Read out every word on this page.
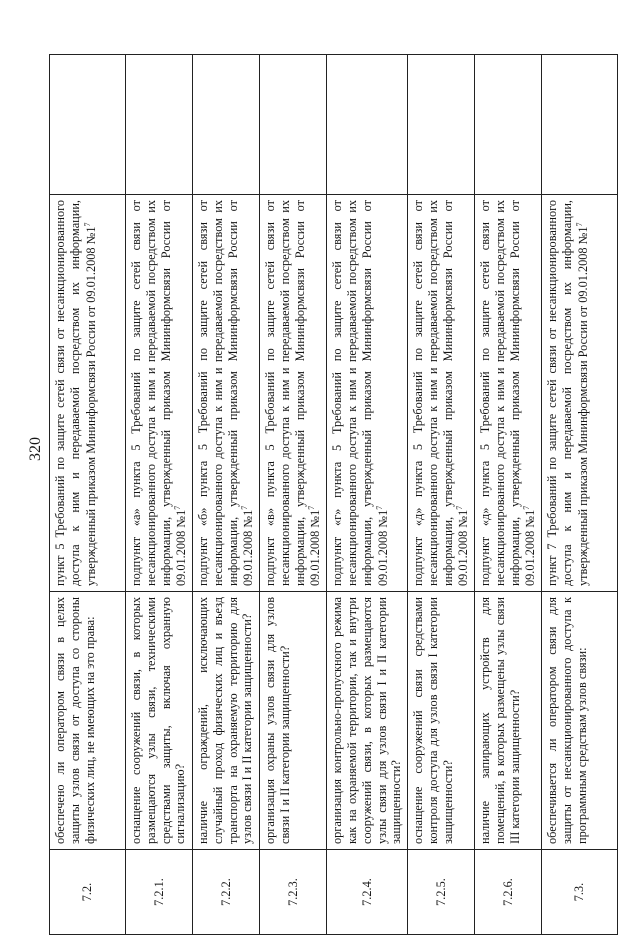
320
7.2.	обеспечено ли оператором связи в целях защиты узлов связи от доступа со стороны физических лиц, не имеющих на это права:	пункт 5 Требований по защите сетей связи от несанкционированного доступа к ним и передаваемой посредством их информации, утвержденный приказом Мининформсвязи России от 09.01.2008 $№1^7$	
7.2.1.	оснащение сооружений связи, в которых размещаются узлы связи, техническими средствами защиты, включая охранную сигнализацию?	подпункт «а» пункта 5 Требований по защите сетей связи от несанкционированного доступа к ним и передаваемой посредством их информации, утвержденный приказом Мининформсвязи России от 09.01.2008 $№1^7$	
7.2.2.	наличие ограждений, исключающих случайный проход физических лиц и въезд транспорта на охраняемую территорию для узлов связи I и II категории защищенности?	подпункт «б» пункта 5 Требований по защите сетей связи от несанкционированного доступа к ним и передаваемой посредством их информации, утвержденный приказом Мининформсвязи России от 09.01.2008 $№1^7$	
7.2.3.	организация охраны узлов связи для узлов связи I и II категории защищенности?	подпункт «в» пункта 5 Требований по защите сетей связи от несанкционированного доступа к ним и передаваемой посредством их информации, утвержденный приказом Мининформсвязи России от 09.01.2008 $№1^7$	
7.2.4.	организация контрольно-пропускного режима как на охраняемой территории, так и внутри сооружений связи, в которых размещаются узлы связи для узлов связи I и II категории защищенности?	подпункт «г» пункта 5 Требований по защите сетей связи от несанкционированного доступа к ним и передаваемой посредством их информации, утвержденный приказом Мининформсвязи России от 09.01.2008 $№1^7$	
7.2.5.	оснащение сооружений связи средствами контроля доступа для узлов связи I категории защищенности?	подпункт «д» пункта 5 Требований по защите сетей связи от несанкционированного доступа к ним и передаваемой посредством их информации, утвержденный приказом Мининформсвязи России от 09.01.2008 $№1^7$	
7.2.6.	наличие запирающих устройств для помещений, в которых размещены узлы связи III категории защищенности?	подпункт «д» пункта 5 Требований по защите сетей связи от несанкционированного доступа к ним и передаваемой посредством их информации, утвержденный приказом Мининформсвязи России от 09.01.2008 $№1^7$	
7.3.	обеспечивается ли оператором связи для защиты от несанкционированного доступа к программным средствам узлов связи:	пункт 7 Требований по защите сетей связи от несанкционированного доступа к ним и передаваемой посредством их информации, утвержденный приказом Мининформсвязи России от 09.01.2008 $№1^7$	
